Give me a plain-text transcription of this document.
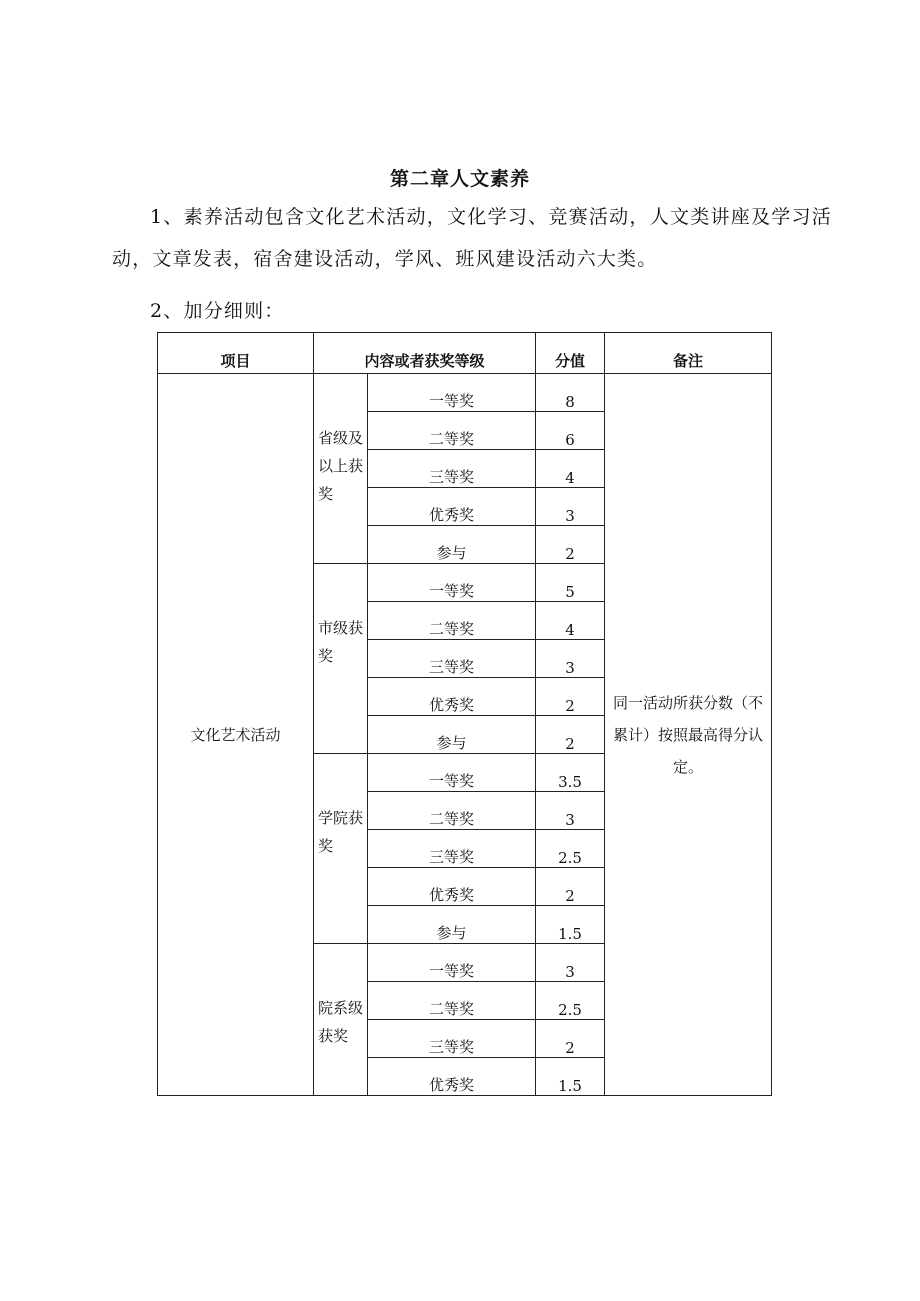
第二章人文素养
1、素养活动包含文化艺术活动，文化学习、竞赛活动，人文类讲座及学习活动，文章发表，宿舍建设活动，学风、班风建设活动六大类。
2、加分细则：
项目	内容或者获奖等级		分值	备注
文化艺术活动	省级及以上获奖	一等奖	8	同一活动所获分数（不累计）按照最高得分认定。
		二等奖	6	
		三等奖	4	
		优秀奖	3	
		参与	2	
	市级获奖	一等奖	5	
		二等奖	4	
		三等奖	3	
		优秀奖	2	
		参与	2	
	学院获奖	一等奖	3.5	
		二等奖	3	
		三等奖	2.5	
		优秀奖	2	
		参与	1.5	
	院系级获奖	一等奖	3	
		二等奖	2.5	
		三等奖	2	
		优秀奖	1.5	
